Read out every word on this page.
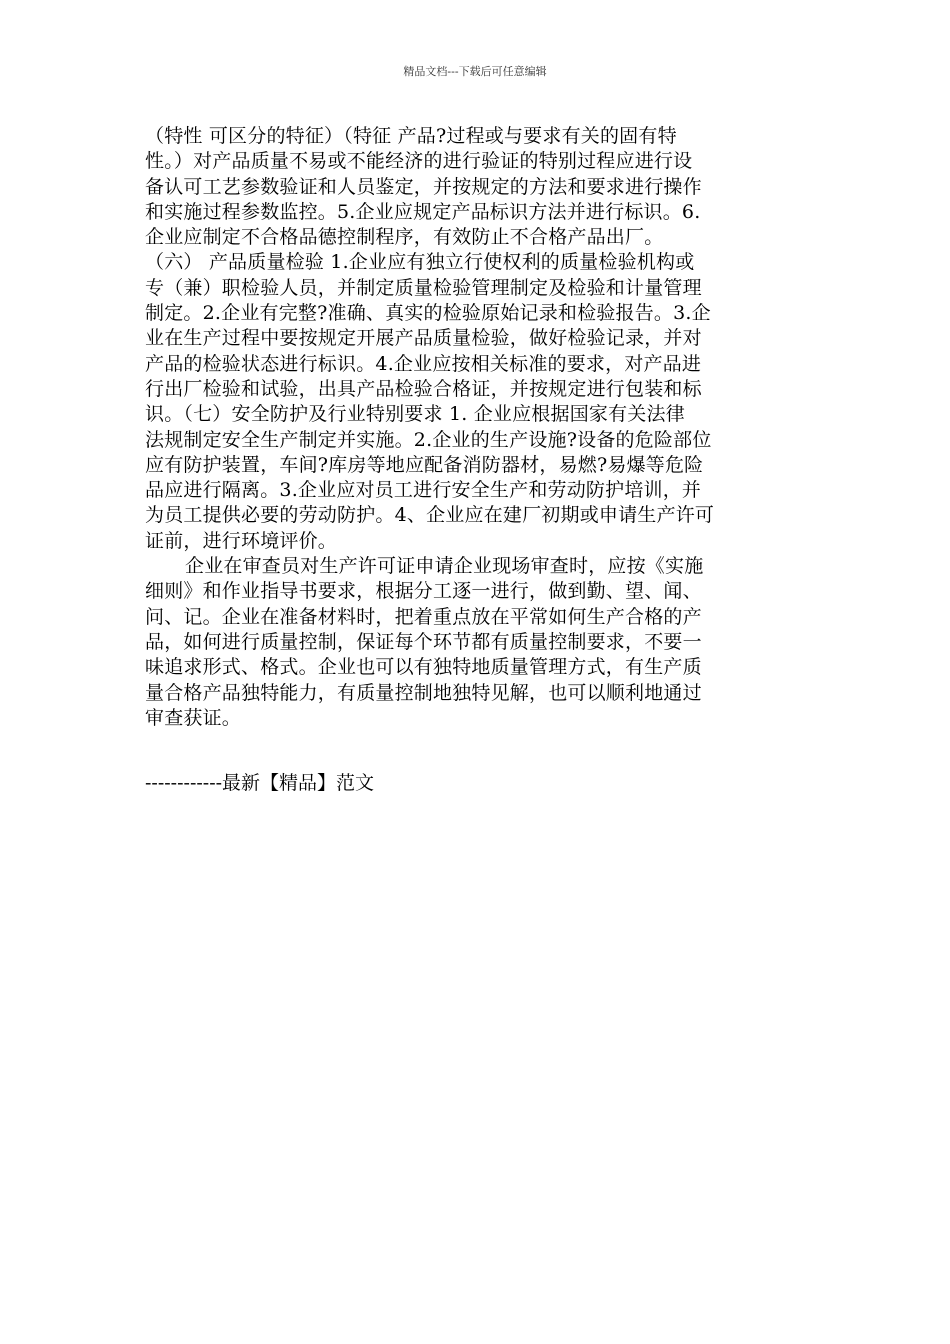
精品文档---下载后可任意编辑
（特性 可区分的特征）（特征 产品?过程或与要求有关的固有特
性。）对产品质量不易或不能经济的进行验证的特别过程应进行设
备认可工艺参数验证和人员鉴定，并按规定的方法和要求进行操作
和实施过程参数监控。5.企业应规定产品标识方法并进行标识。6.
企业应制定不合格品德控制程序，有效防止不合格产品出厂。
（六） 产品质量检验 1.企业应有独立行使权利的质量检验机构或
专（兼）职检验人员，并制定质量检验管理制定及检验和计量管理
制定。2.企业有完整?准确、真实的检验原始记录和检验报告。3.企
业在生产过程中要按规定开展产品质量检验，做好检验记录，并对
产品的检验状态进行标识。4.企业应按相关标准的要求，对产品进
行出厂检验和试验，出具产品检验合格证，并按规定进行包装和标
识。（七）安全防护及行业特别要求 1. 企业应根据国家有关法律
法规制定安全生产制定并实施。2.企业的生产设施?设备的危险部位
应有防护装置，车间?库房等地应配备消防器材，易燃?易爆等危险
品应进行隔离。3.企业应对员工进行安全生产和劳动防护培训，并
为员工提供必要的劳动防护。4、企业应在建厂初期或申请生产许可
证前，进行环境评价。
企业在审查员对生产许可证申请企业现场审查时，应按《实施
细则》和作业指导书要求，根据分工逐一进行，做到勤、望、闻、
问、记。企业在准备材料时，把着重点放在平常如何生产合格的产
品，如何进行质量控制，保证每个环节都有质量控制要求，不要一
味追求形式、格式。企业也可以有独特地质量管理方式，有生产质
量合格产品独特能力，有质量控制地独特见解，也可以顺利地通过
审查获证。
------------最新【精品】范文
